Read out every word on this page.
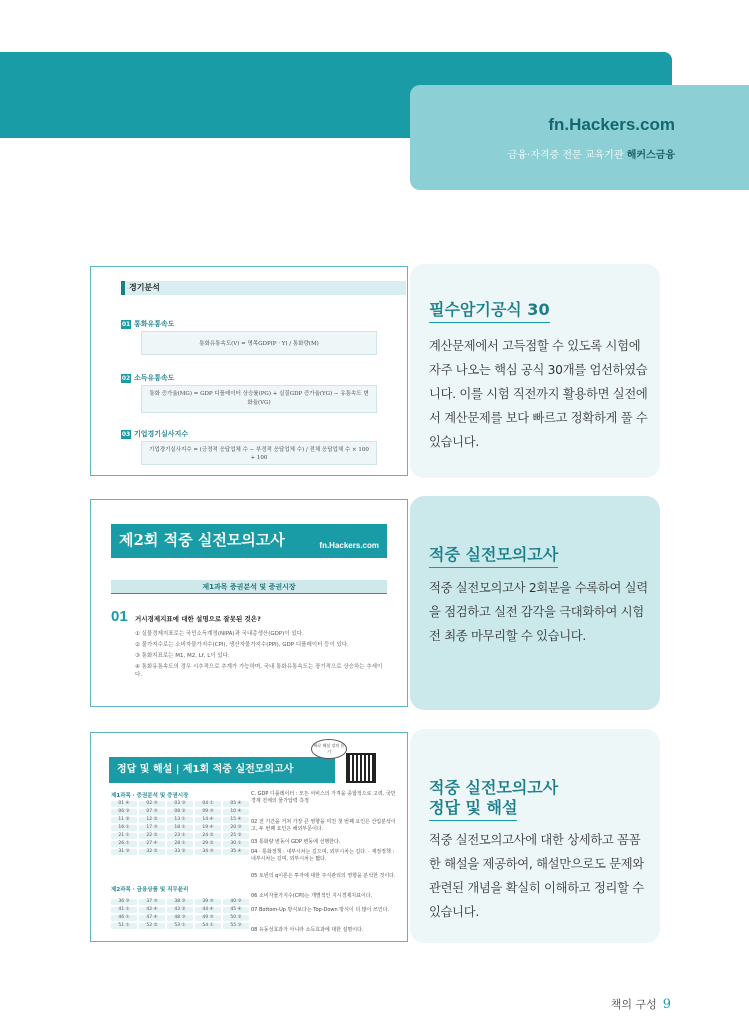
fn.Hackers.com
금융·자격증 전문 교육기관 해커스금융
필수암기공식 30
계산문제에서 고득점할 수 있도록 시험에 자주 나오는 핵심 공식 30개를 엄선하였습니다. 이를 시험 직전까지 활용하면 실전에서 계산문제를 보다 빠르고 정확하게 풀 수 있습니다.
적중 실전모의고사
적중 실전모의고사 2회분을 수록하여 실력을 점검하고 실전 감각을 극대화하여 시험 전 최종 마무리할 수 있습니다.
적중 실전모의고사
정답 및 해설
적중 실전모의고사에 대한 상세하고 꼼꼼한 해설을 제공하여, 해설만으로도 문제와 관련된 개념을 확실히 이해하고 정리할 수 있습니다.
경기분석
01 통화유통속도
통화유통속도(V) = 명목GDP(P · Y) / 통화량(M)
02 소득유통속도
통화 증가율(MG) = GDP 디플레이터 상승률(PG) + 실질GDP 증가율(YG) − 유통속도 변화율(VG)
03 기업경기실사지수
기업경기실사지수 = (긍정적 응답업체 수 − 부정적 응답업체 수) / 전체 응답업체 수 × 100 + 100
제2회 적중 실전모의고사	fn.Hackers.com
제1과목 증권분석 및 증권시장
01 거시경제지표에 대한 설명으로 잘못된 것은?
① 실물경제지표로는 국민소득계정(NIPA)과 국내총생산(GDP)이 있다.
② 물가지수로는 소비자물가지수(CPI), 생산자물가지수(PPI), GDP 디플레이터 등이 있다.
③ 통화지표로는 M1, M2, Lf, L이 있다.
④ 통화유통속도의 경우 시추적으로 추계가 가능하며, 국내 통화유통속도는 장기적으로 상승하는 추세이다.
정답 및 해설 | 제1회 적중 실전모의고사
바로 해설 강의 듣기
제1과목 · 증권분석 및 증권시장
01 ④	02 ③	03 ③	04 ①	05 ④
06 ③	07 ③	08 ②	09 ③	10 ④
11 ②	12 ②	13 ①	14 ④	15 ④
16 ①	17 ③	18 ①	19 ④	20 ③
21 ①	22 ②	23 ①	24 ②	25 ②
26 ①	27 ④	28 ①	29 ②	30 ①
31 ③	32 ②	33 ②	34 ③	35 ④
제2과목 · 금융상품 및 직무윤리
36 ③	37 ③	38 ③	39 ③	40 ③
41 ①	42 ④	43 ②	44 ④	45 ④
46 ①	47 ④	48 ③	49 ③	50 ②
51 ①	52 ②	53 ①	54 ①	55 ③
C. GDP 디플레이터 : 모든 서비스의 가격을 종합적으로 고려, 국민경제 전체의 물가압력 측정
02 전 기간을 거쳐 가장 큰 영향을 미친 첫 번째 요인은 산업분석이고, 두 번째 요인은 해외부문이다.
03 통화량 변동이 GDP 변동에 선행한다.
04 · 통화정책 : 내부시차는 길으며, 외부시차는 길다. · 재정정책 : 내부시차는 길며, 외부시차는 짧다.
05 토빈의 q이론은 투자에 대한 주식관리의 영향을 분석한 것이다.
06 소비자물가지수(CPI)는 개별적인 지시경제지표이다.
07 Bottom-Up 방식보다는 Top-Down 방식이 더 많이 쓰인다.
08 유동성효과가 아니라 소득효과에 대한 설명이다.
책의 구성 9
